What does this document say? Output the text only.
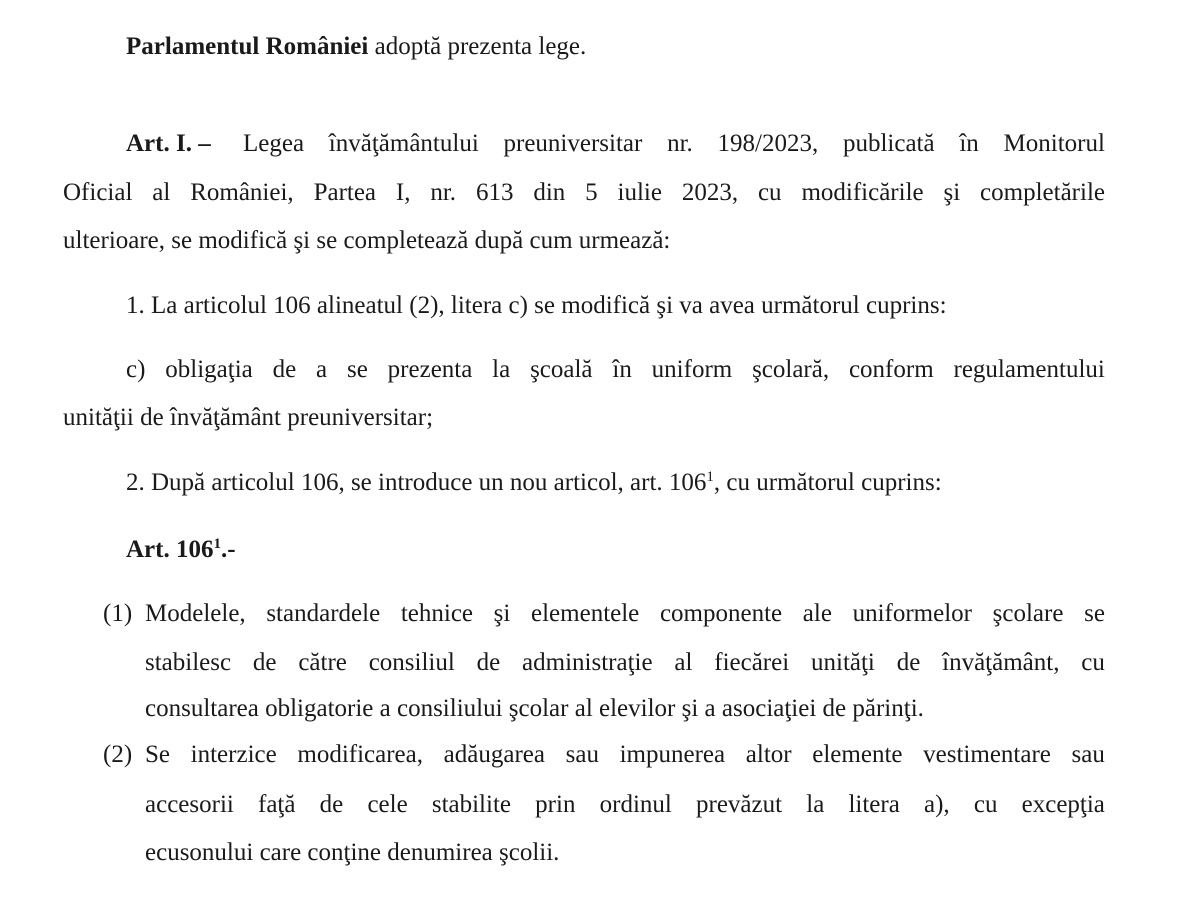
Parlamentul României adoptă prezenta lege.
Art. I. – Legea învăţământului preuniversitar nr. 198/2023, publicată în Monitorul
Oficial al României, Partea I, nr. 613 din 5 iulie 2023, cu modificările şi completările
ulterioare, se modifică şi se completează după cum urmează:
1. La articolul 106 alineatul (2), litera c) se modifică şi va avea următorul cuprins:
c) obligaţia de a se prezenta la şcoală în uniform şcolară, conform regulamentului
unităţii de învăţământ preuniversitar;
2. După articolul 106, se introduce un nou articol, art. $106^1$, cu următorul cuprins:
Art. $106^1.-$
(1) Modelele, standardele tehnice şi elementele componente ale uniformelor şcolare se
stabilesc de către consiliul de administraţie al fiecărei unităţi de învăţământ, cu
consultarea obligatorie a consiliului şcolar al elevilor şi a asociaţiei de părinţi.
(2) Se interzice modificarea, adăugarea sau impunerea altor elemente vestimentare sau
accesorii faţă de cele stabilite prin ordinul prevăzut la litera a), cu excepţia
ecusonului care conţine denumirea şcolii.
